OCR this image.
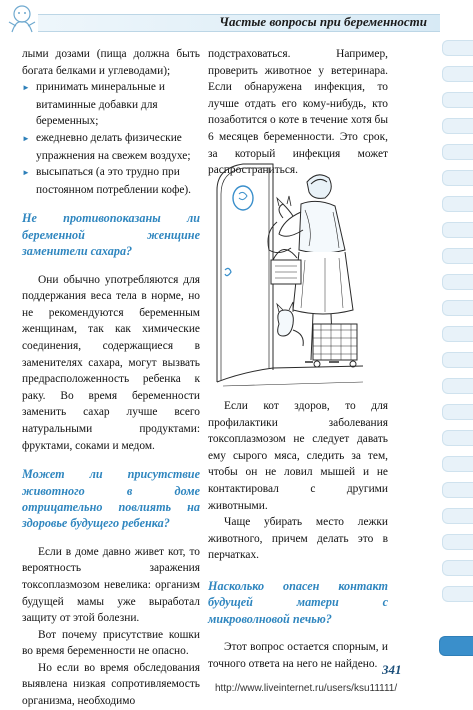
Частые вопросы при беременности

лыми дозами (пища должна быть богата белками и углеводами);

► принимать минеральные и витаминные добавки для беременных;
► ежедневно делать физические упражнения на свежем воздухе;
► высыпаться (а это трудно при постоянном потреблении кофе).

Не противопоказаны ли беременной женщине заменители сахара?

Они обычно употребляются для поддержания веса тела в норме, но не рекомендуются беременным женщинам, так как химические соединения, содержащиеся в заменителях сахара, могут вызвать предрасположенность ребенка к раку. Во время беременности заменить сахар лучше всего натуральными продуктами: фруктами, соками и медом.

Может ли присутствие животного в доме отрицательно повлиять на здоровье будущего ребенка?

Если в доме давно живет кот, то вероятность заражения токсоплазмозом невелика: организм будущей мамы уже выработал защиту от этой болезни.

Вот почему присутствие кошки во время беременности не опасно.

Но если во время обследования выявлена низкая сопротивляемость организма, необходимо

подстраховаться. Например, проверить животное у ветеринара. Если обнаружена инфекция, то лучше отдать его кому-нибудь, кто позаботится о коте в течение хотя бы 6 месяцев беременности. Это срок, за который инфекция может распространиться.

Если кот здоров, то для профилактики заболевания токсоплазмозом не следует давать ему сырого мяса, следить за тем, чтобы он не ловил мышей и не контактировал с другими животными.

Чаще убирать место лежки животного, причем делать это в перчатках.

Насколько опасен контакт будущей матери с микроволновой печью?

Этот вопрос остается спорным, и точного ответа на него не найдено. 341
http://www.liveinternet.ru/users/ksu11111/
